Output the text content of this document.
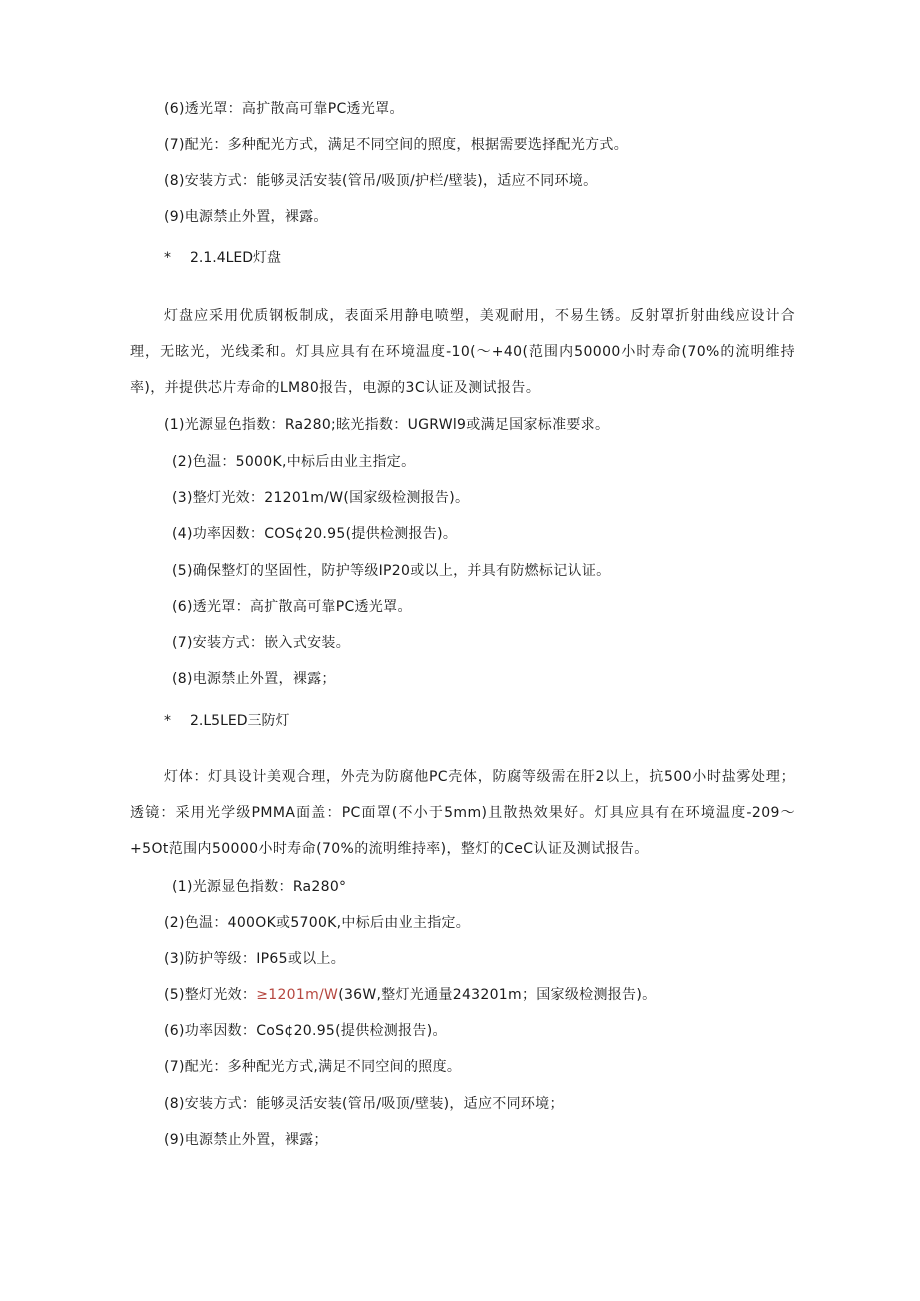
(6)透光罩：高扩散高可靠PC透光罩。
(7)配光：多种配光方式，满足不同空间的照度，根据需要选择配光方式。
(8)安装方式：能够灵活安装(管吊/吸顶/护栏/壁装)，适应不同环境。
(9)电源禁止外置，裸露。
* 2.1.4LED灯盘

灯盘应采用优质钢板制成，表面采用静电喷塑，美观耐用，不易生锈。反射罩折射曲线应设计合理，无眩光，光线柔和。灯具应具有在环境温度-10(〜+40(范围内50000小时寿命(70%的流明维持率)，并提供芯片寿命的LM80报告，电源的3C认证及测试报告。

(1)光源显色指数：Ra280;眩光指数：UGRWl9或满足国家标准要求。
(2)色温：5000K,中标后由业主指定。
(3)整灯光效：21201m/W(国家级检测报告)。
(4)功率因数：COS¢20.95(提供检测报告)。
(5)确保整灯的坚固性，防护等级IP20或以上，并具有防燃标记认证。
(6)透光罩：高扩散高可靠PC透光罩。
(7)安装方式：嵌入式安装。
(8)电源禁止外置，裸露；
* 2.L5LED三防灯

灯体：灯具设计美观合理，外壳为防腐他PC壳体，防腐等级需在肝2以上，抗500小时盐雾处理；透镜：采用光学级PMMA面盖：PC面罩(不小于5mm)且散热效果好。灯具应具有在环境温度-209〜+5Ot范围内50000小时寿命(70%的流明维持率)，整灯的CeC认证及测试报告。

(1)光源显色指数：Ra280°
(2)色温：400OK或5700K,中标后由业主指定。
(3)防护等级：IP65或以上。
(5)整灯光效：≥1201m/W(36W,整灯光通量243201m；国家级检测报告)。
(6)功率因数：CoS¢20.95(提供检测报告)。
(7)配光：多种配光方式,满足不同空间的照度。
(8)安装方式：能够灵活安装(管吊/吸顶/壁装)，适应不同环境；
(9)电源禁止外置，裸露；
